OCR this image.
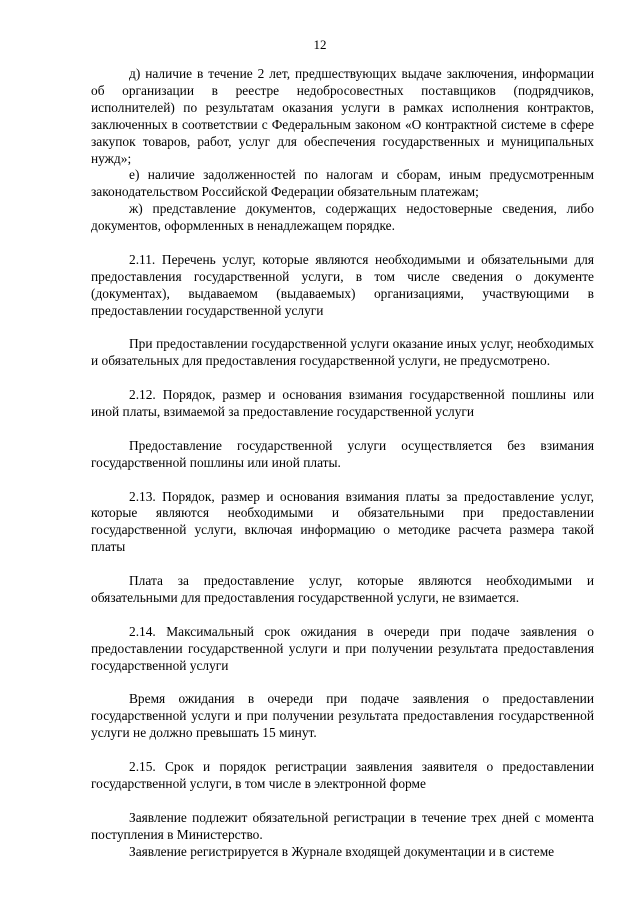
12

д) наличие в течение 2 лет, предшествующих выдаче заключения, информации об организации в реестре недобросовестных поставщиков (подрядчиков, исполнителей) по результатам оказания услуги в рамках исполнения контрактов, заключенных в соответствии с Федеральным законом «О контрактной системе в сфере закупок товаров, работ, услуг для обеспечения государственных и муниципальных нужд»;

е) наличие задолженностей по налогам и сборам, иным предусмотренным законодательством Российской Федерации обязательным платежам;

ж) представление документов, содержащих недостоверные сведения, либо документов, оформленных в ненадлежащем порядке.

2.11. Перечень услуг, которые являются необходимыми и обязательными для предоставления государственной услуги, в том числе сведения о документе (документах), выдаваемом (выдаваемых) организациями, участвующими в предоставлении государственной услуги

При предоставлении государственной услуги оказание иных услуг, необходимых и обязательных для предоставления государственной услуги, не предусмотрено.

2.12. Порядок, размер и основания взимания государственной пошлины или иной платы, взимаемой за предоставление государственной услуги

Предоставление государственной услуги осуществляется без взимания государственной пошлины или иной платы.

2.13. Порядок, размер и основания взимания платы за предоставление услуг, которые являются необходимыми и обязательными при предоставлении государственной услуги, включая информацию о методике расчета размера такой платы

Плата за предоставление услуг, которые являются необходимыми и обязательными для предоставления государственной услуги, не взимается.

2.14. Максимальный срок ожидания в очереди при подаче заявления о предоставлении государственной услуги и при получении результата предоставления государственной услуги

Время ожидания в очереди при подаче заявления о предоставлении государственной услуги и при получении результата предоставления государственной услуги не должно превышать 15 минут.

2.15. Срок и порядок регистрации заявления заявителя о предоставлении государственной услуги, в том числе в электронной форме

Заявление подлежит обязательной регистрации в течение трех дней с момента поступления в Министерство.

Заявление регистрируется в Журнале входящей документации и в системе
